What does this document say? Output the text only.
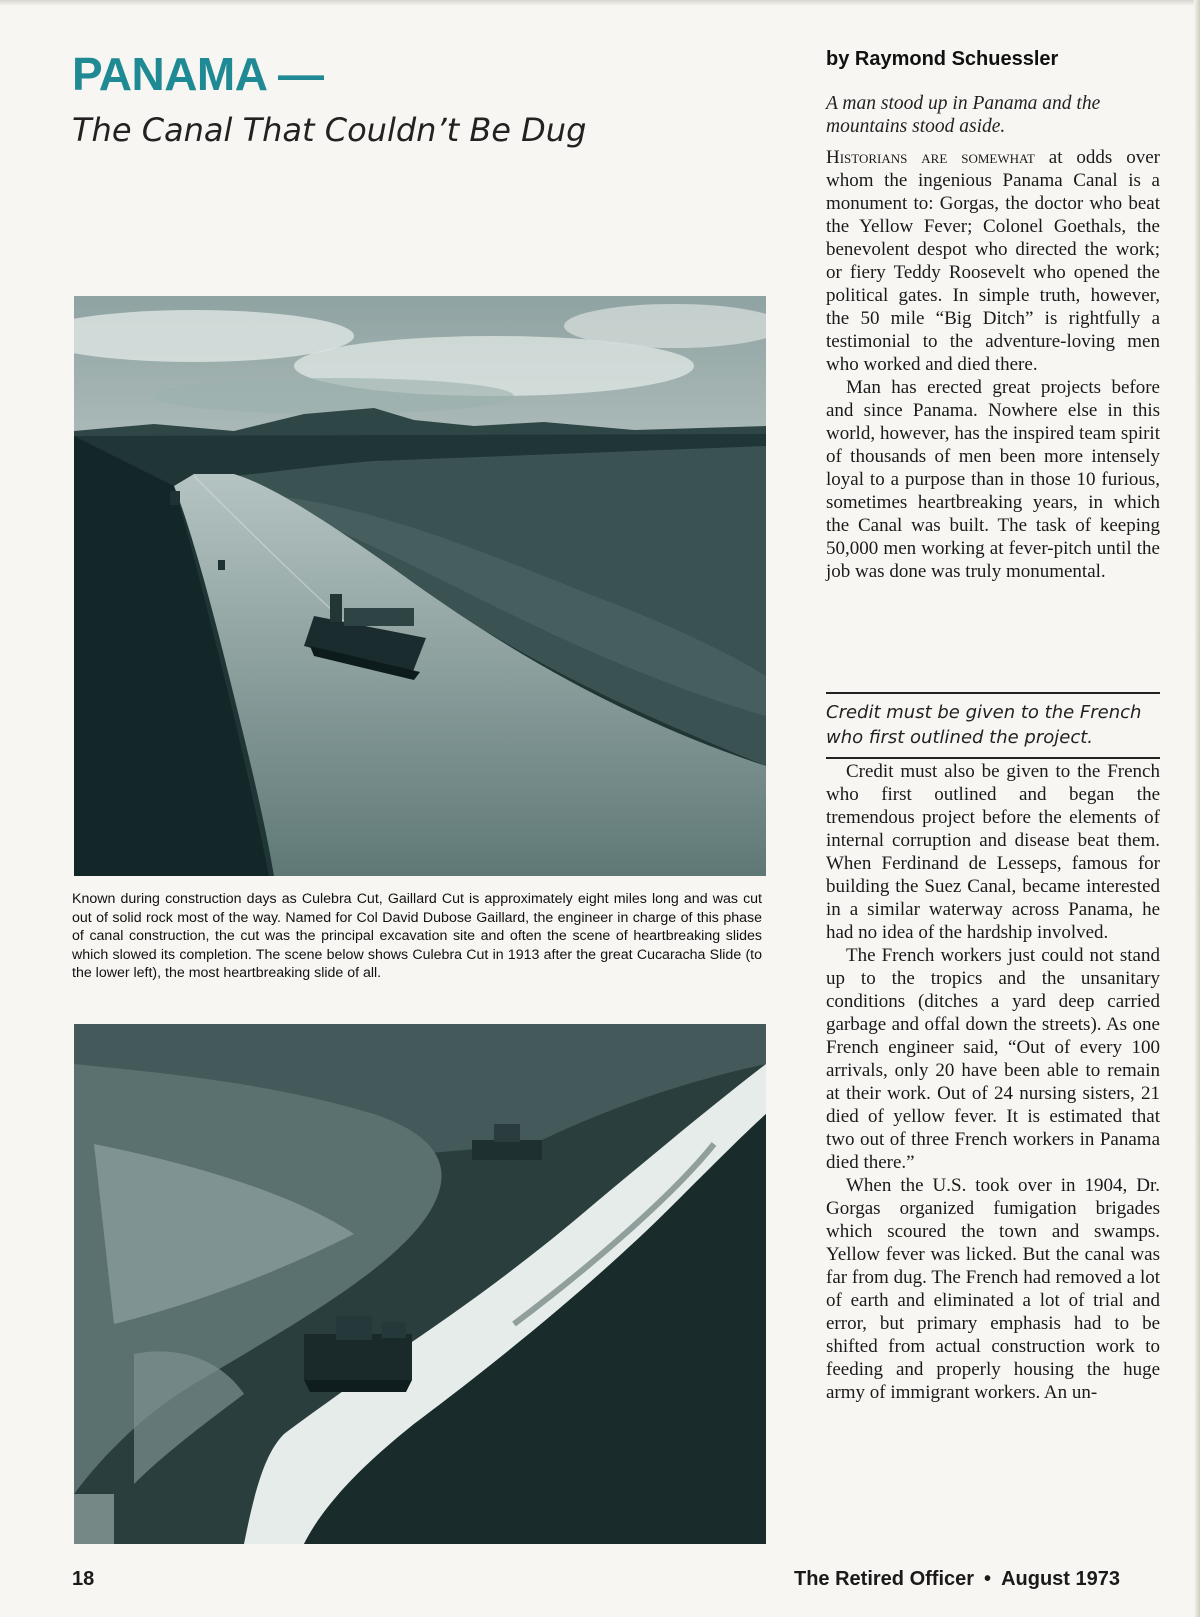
PANAMA —
The Canal That Couldn’t Be Dug

Known during construction days as Culebra Cut, Gaillard Cut is approximately eight miles long and was cut out of solid rock most of the way. Named for Col David Dubose Gaillard, the engineer in charge of this phase of canal construction, the cut was the principal excavation site and often the scene of heartbreaking slides which slowed its completion. The scene below shows Culebra Cut in 1913 after the great Cucaracha Slide (to the lower left), the most heartbreaking slide of all.

by Raymond Schuessler

A man stood up in Panama and the mountains stood aside.

Historians are somewhat at odds over whom the ingenious Panama Canal is a monument to: Gorgas, the doctor who beat the Yellow Fever; Colonel Goethals, the benevolent despot who directed the work; or fiery Teddy Roosevelt who opened the political gates. In simple truth, however, the 50 mile “Big Ditch” is rightfully a testimonial to the adventure-loving men who worked and died there.

Man has erected great projects before and since Panama. Nowhere else in this world, however, has the inspired team spirit of thousands of men been more intensely loyal to a purpose than in those 10 furious, sometimes heartbreaking years, in which the Canal was built. The task of keeping 50,000 men working at fever-pitch until the job was done was truly monumental.

Credit must be given to the French who first outlined the project.

Credit must also be given to the French who first outlined and began the tremendous project before the elements of internal corruption and disease beat them. When Ferdinand de Lesseps, famous for building the Suez Canal, became interested in a similar waterway across Panama, he had no idea of the hardship involved.

The French workers just could not stand up to the tropics and the unsanitary conditions (ditches a yard deep carried garbage and offal down the streets). As one French engineer said, “Out of every 100 arrivals, only 20 have been able to remain at their work. Out of 24 nursing sisters, 21 died of yellow fever. It is estimated that two out of three French workers in Panama died there.”

When the U.S. took over in 1904, Dr. Gorgas organized fumigation brigades which scoured the town and swamps. Yellow fever was licked. But the canal was far from dug. The French had removed a lot of earth and eliminated a lot of trial and error, but primary emphasis had to be shifted from actual construction work to feeding and properly housing the huge army of immigrant workers. An un-

18	The Retired Officer • August 1973
